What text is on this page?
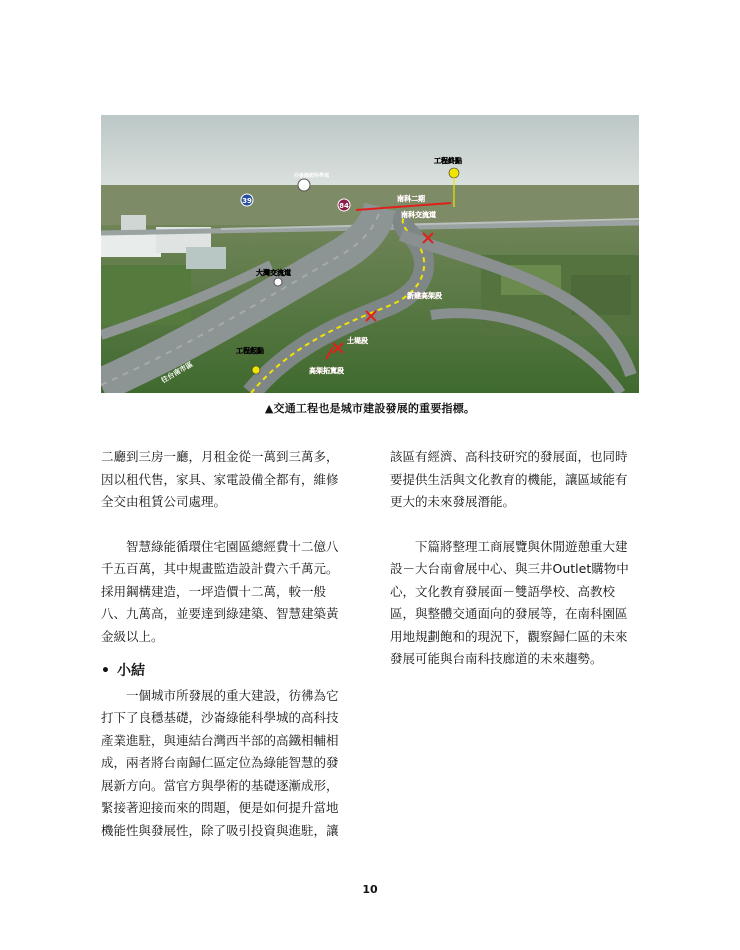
39
84
工程終點
南科二期
南科交流道
新建高架段
土堤段
高架拓寬段
工程起點
大灣交流道
往台南市區
沙崙綠能科學城
▲交通工程也是城市建設發展的重要指標。

二廳到三房一廳，月租金從一萬到三萬多，
因以租代售，家具、家電設備全都有，維修
全交由租賃公司處理。

　　智慧綠能循環住宅園區總經費十二億八
千五百萬，其中規畫監造設計費六千萬元。
採用鋼構建造，一坪造價十二萬，較一般
八、九萬高，並要達到綠建築、智慧建築黃
金級以上。

• 小結

　　一個城市所發展的重大建設，彷彿為它
打下了良穩基礎，沙崙綠能科學城的高科技
產業進駐，與連結台灣西半部的高鐵相輔相
成，兩者將台南歸仁區定位為綠能智慧的發
展新方向。當官方與學術的基礎逐漸成形，
緊接著迎接而來的問題，便是如何提升當地
機能性與發展性，除了吸引投資與進駐，讓

該區有經濟、高科技研究的發展面，也同時
要提供生活與文化教育的機能，讓區域能有
更大的未來發展潛能。

　　下篇將整理工商展覽與休閒遊憩重大建
設－大台南會展中心、與三井Outlet購物中
心，文化教育發展面－雙語學校、高教校
區，與整體交通面向的發展等，在南科園區
用地規劃飽和的現況下，觀察歸仁區的未來
發展可能與台南科技廊道的未來趨勢。

10
